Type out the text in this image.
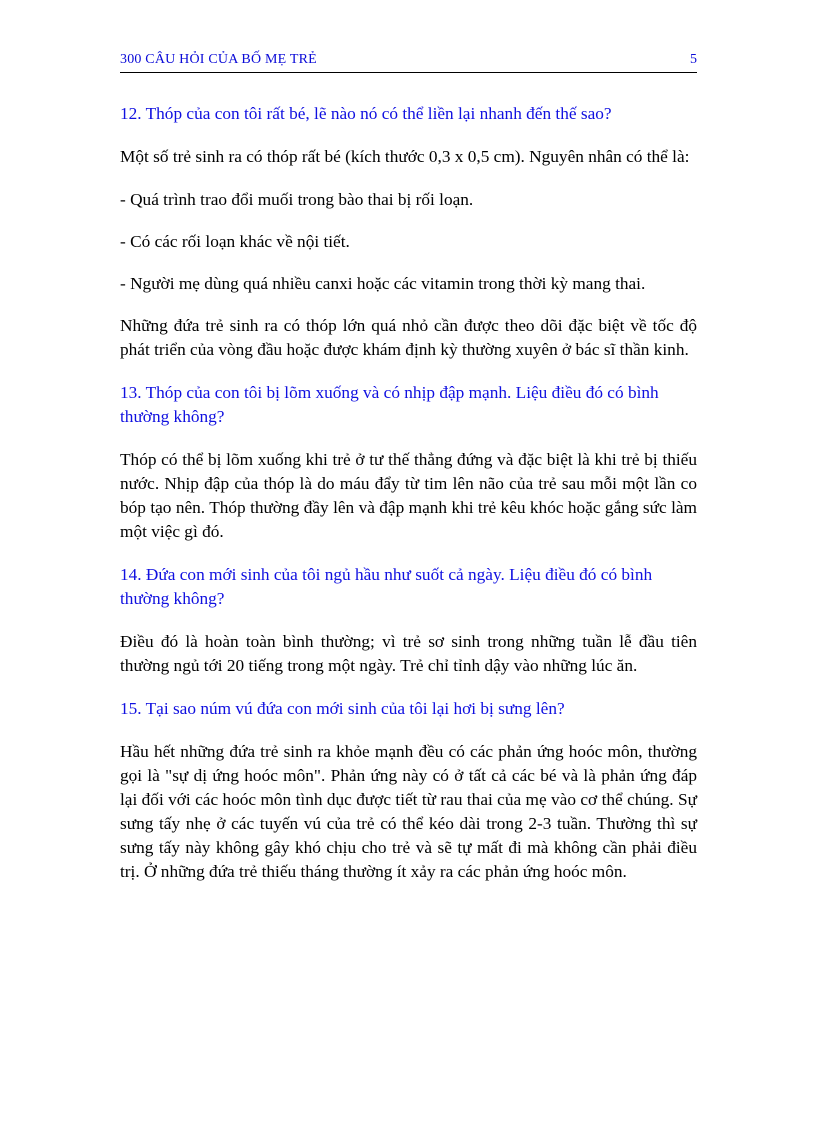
300 CÂU HỎI CỦA BỐ MẸ TRẺ	5

12. Thóp của con tôi rất bé, lẽ nào nó có thể liền lại nhanh đến thế sao?

Một số trẻ sinh ra có thóp rất bé (kích thước 0,3 x 0,5 cm). Nguyên nhân có thể là:

- Quá trình trao đổi muối trong bào thai bị rối loạn.

- Có các rối loạn khác về nội tiết.

- Người mẹ dùng quá nhiều canxi hoặc các vitamin trong thời kỳ mang thai.

Những đứa trẻ sinh ra có thóp lớn quá nhỏ cần được theo dõi đặc biệt về tốc độ phát triển của vòng đầu hoặc được khám định kỳ thường xuyên ở bác sĩ thần kinh.

13. Thóp của con tôi bị lõm xuống và có nhịp đập mạnh. Liệu điều đó có bình thường không?

Thóp có thể bị lõm xuống khi trẻ ở tư thế thẳng đứng và đặc biệt là khi trẻ bị thiếu nước. Nhịp đập của thóp là do máu đẩy từ tim lên não của trẻ sau mỗi một lần co bóp tạo nên. Thóp thường đầy lên và đập mạnh khi trẻ kêu khóc hoặc gắng sức làm một việc gì đó.

14. Đứa con mới sinh của tôi ngủ hầu như suốt cả ngày. Liệu điều đó có bình thường không?

Điều đó là hoàn toàn bình thường; vì trẻ sơ sinh trong những tuần lễ đầu tiên thường ngủ tới 20 tiếng trong một ngày. Trẻ chỉ tỉnh dậy vào những lúc ăn.

15. Tại sao núm vú đứa con mới sinh của tôi lại hơi bị sưng lên?

Hầu hết những đứa trẻ sinh ra khỏe mạnh đều có các phản ứng hoóc môn, thường gọi là "sự dị ứng hoóc môn". Phản ứng này có ở tất cả các bé và là phản ứng đáp lại đối với các hoóc môn tình dục được tiết từ rau thai của mẹ vào cơ thể chúng. Sự sưng tấy nhẹ ở các tuyến vú của trẻ có thể kéo dài trong 2-3 tuần. Thường thì sự sưng tấy này không gây khó chịu cho trẻ và sẽ tự mất đi mà không cần phải điều trị. Ở những đứa trẻ thiếu tháng thường ít xảy ra các phản ứng hoóc môn.
